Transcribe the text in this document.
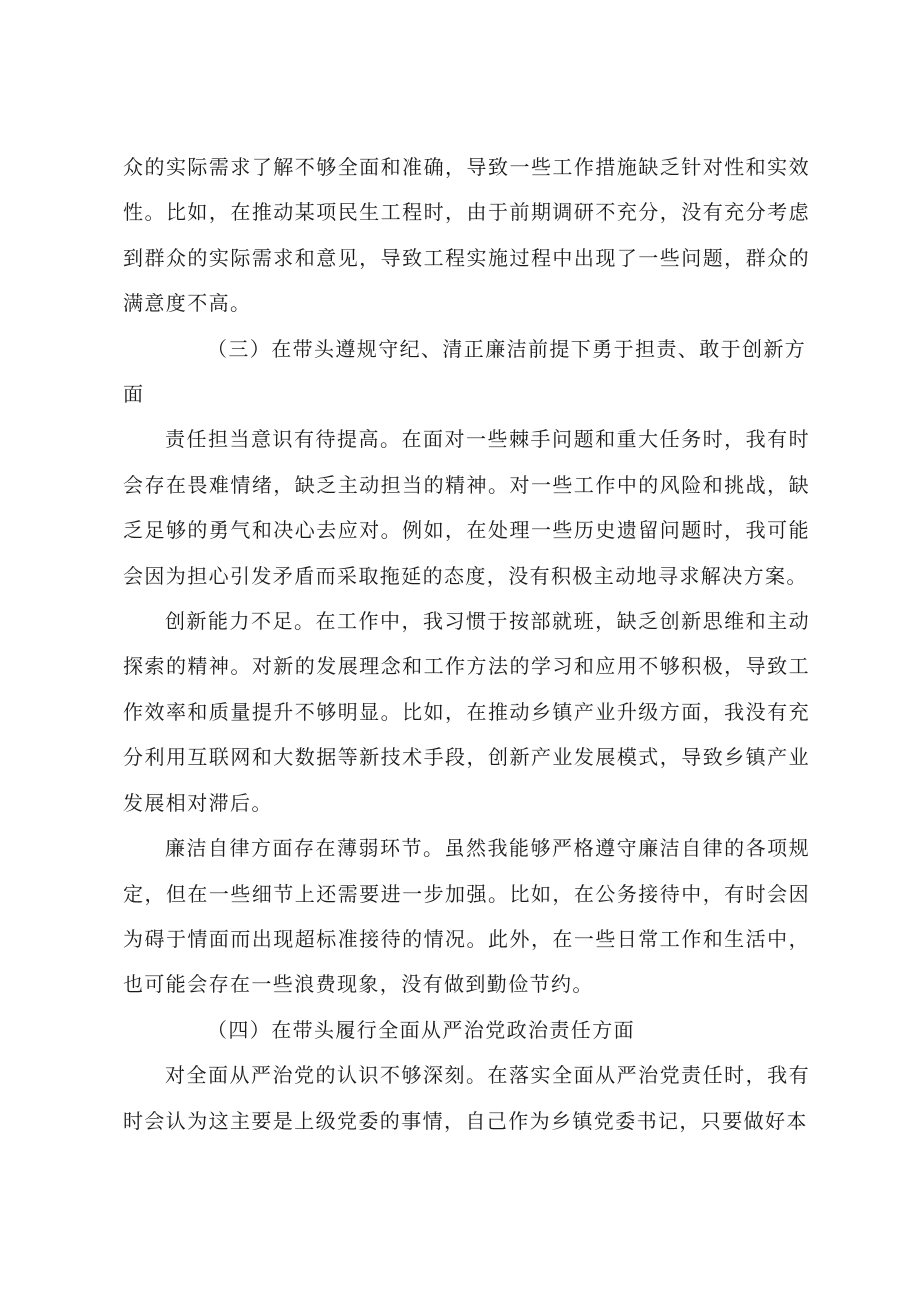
众的实际需求了解不够全面和准确，导致一些工作措施缺乏针对性和实效性。比如，在推动某项民生工程时，由于前期调研不充分，没有充分考虑到群众的实际需求和意见，导致工程实施过程中出现了一些问题，群众的满意度不高。

（三）在带头遵规守纪、清正廉洁前提下勇于担责、敢于创新方面

责任担当意识有待提高。在面对一些棘手问题和重大任务时，我有时会存在畏难情绪，缺乏主动担当的精神。对一些工作中的风险和挑战，缺乏足够的勇气和决心去应对。例如，在处理一些历史遗留问题时，我可能会因为担心引发矛盾而采取拖延的态度，没有积极主动地寻求解决方案。

创新能力不足。在工作中，我习惯于按部就班，缺乏创新思维和主动探索的精神。对新的发展理念和工作方法的学习和应用不够积极，导致工作效率和质量提升不够明显。比如，在推动乡镇产业升级方面，我没有充分利用互联网和大数据等新技术手段，创新产业发展模式，导致乡镇产业发展相对滞后。

廉洁自律方面存在薄弱环节。虽然我能够严格遵守廉洁自律的各项规定，但在一些细节上还需要进一步加强。比如，在公务接待中，有时会因为碍于情面而出现超标准接待的情况。此外，在一些日常工作和生活中，也可能会存在一些浪费现象，没有做到勤俭节约。

（四）在带头履行全面从严治党政治责任方面

对全面从严治党的认识不够深刻。在落实全面从严治党责任时，我有时会认为这主要是上级党委的事情，自己作为乡镇党委书记，只要做好本
